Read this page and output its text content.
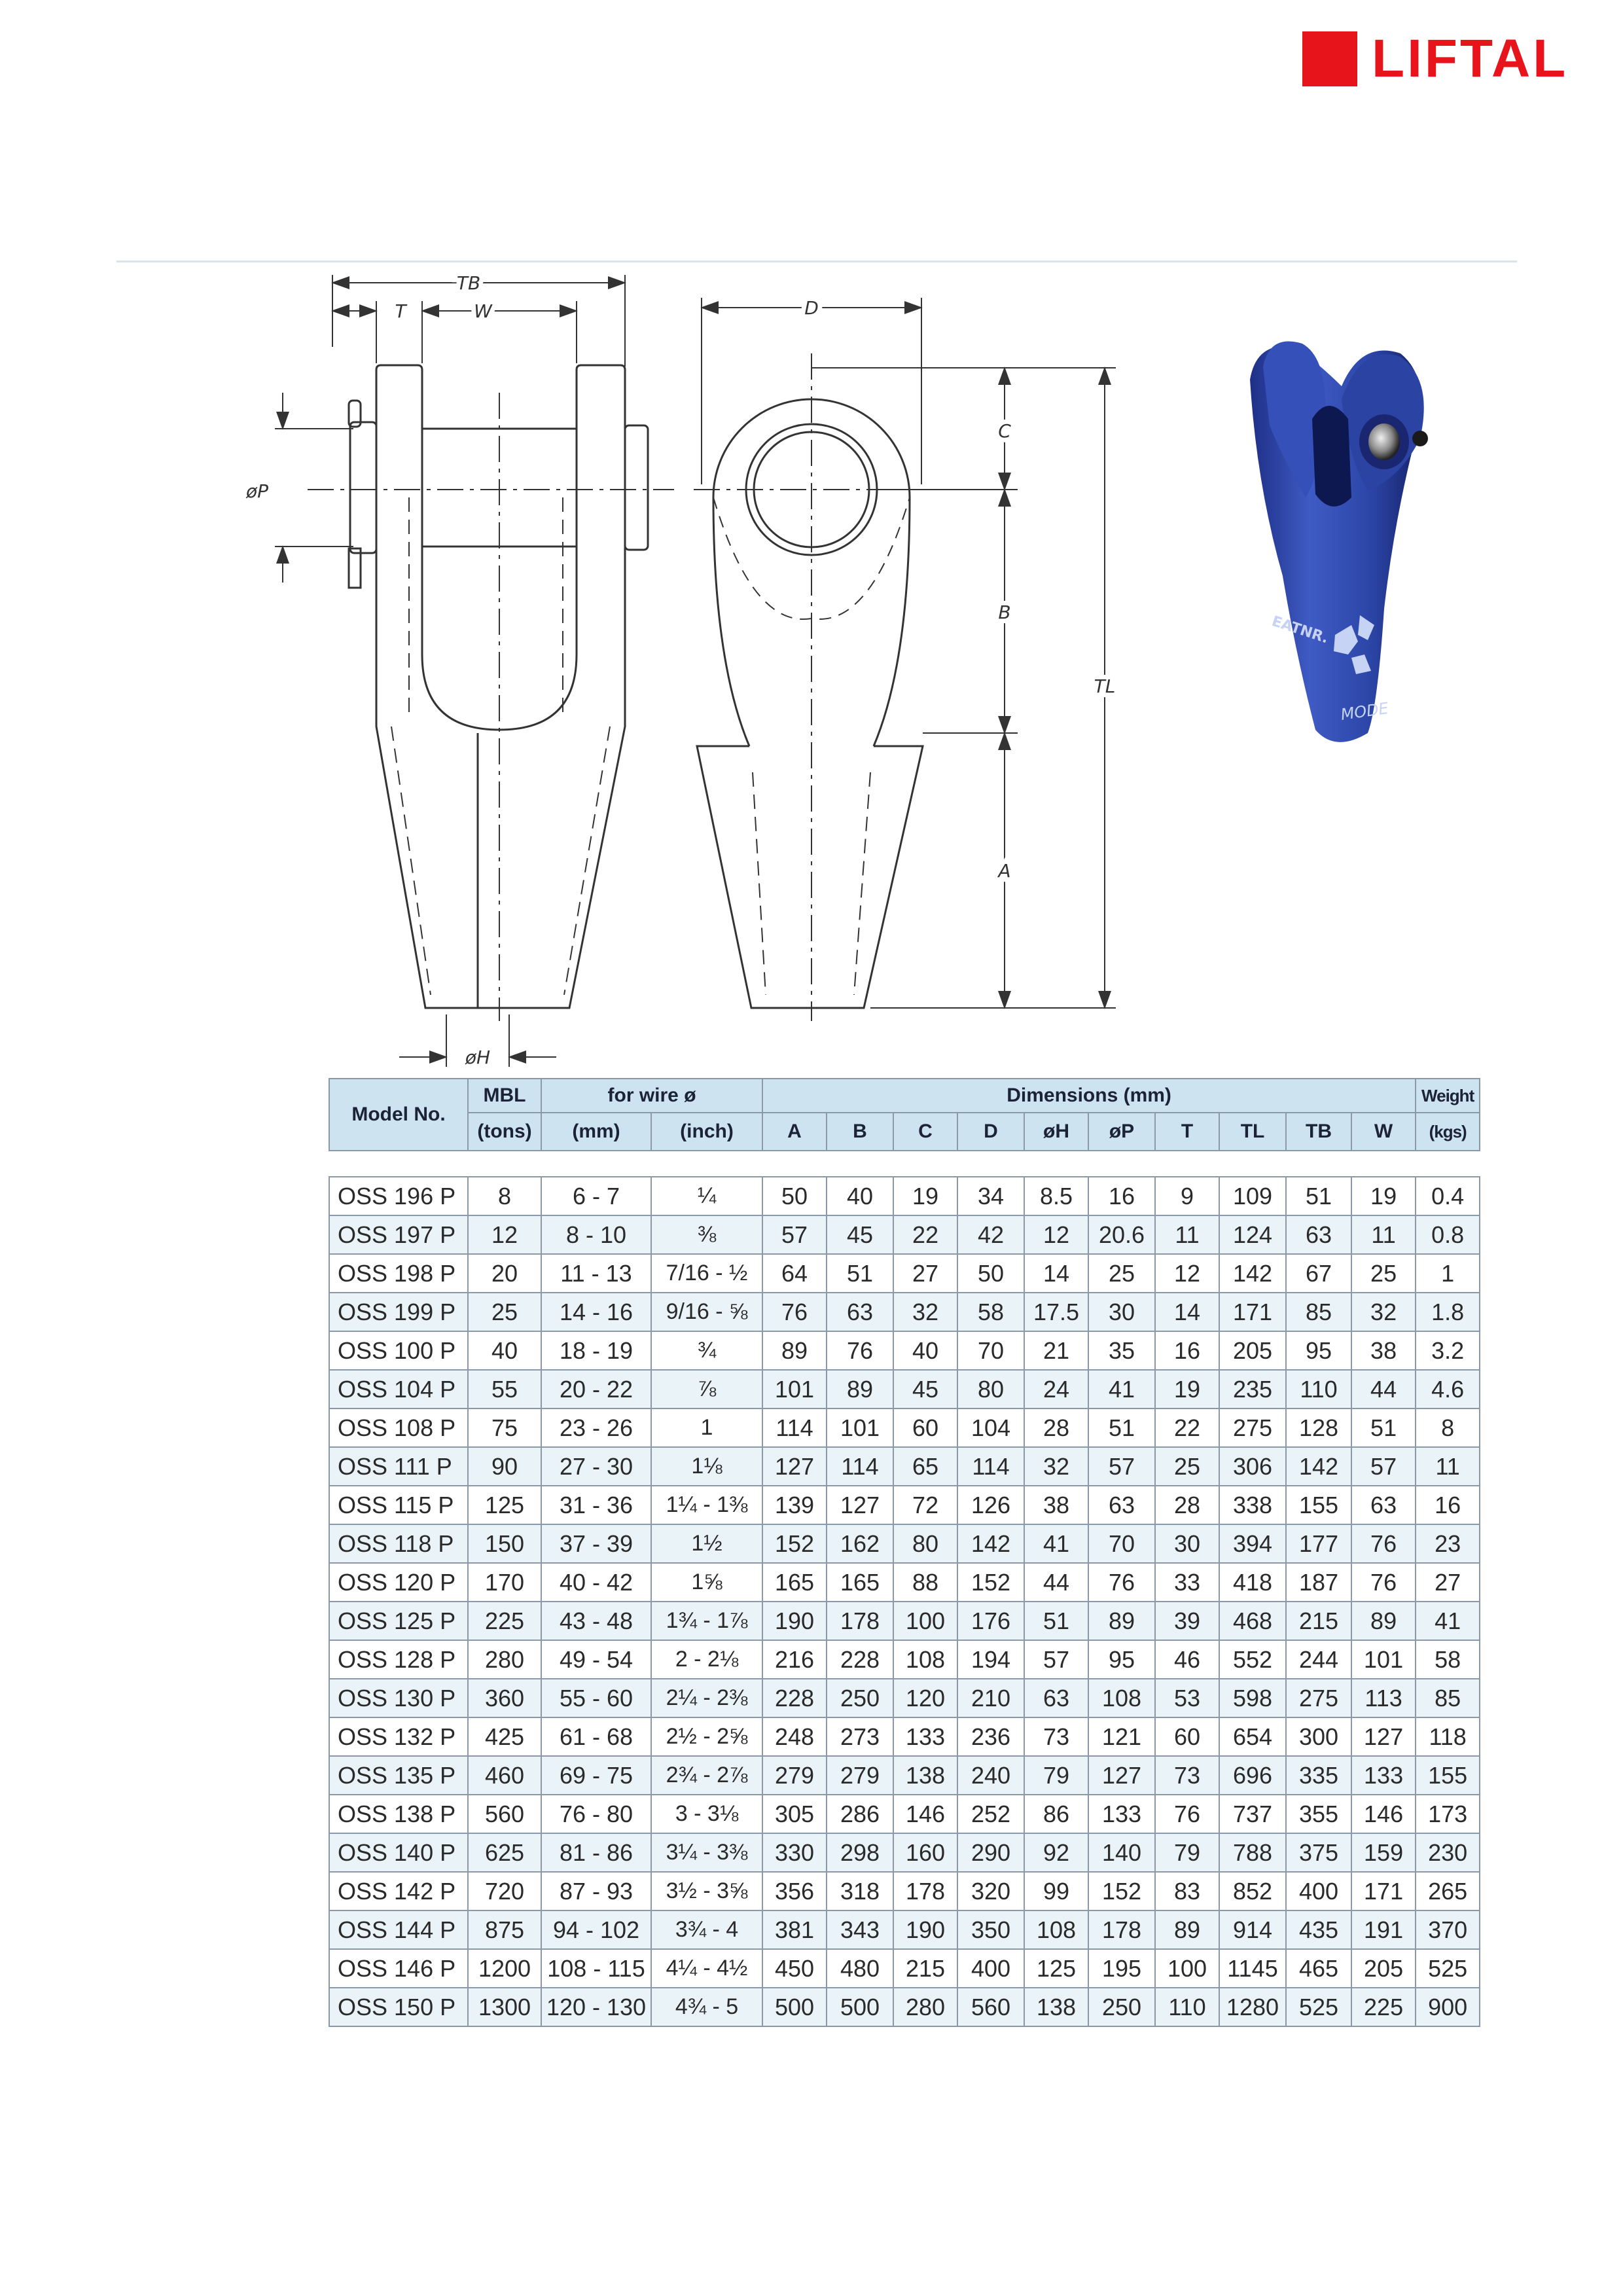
LIFTAL
TB
T	W
øP
øH
D
C
B
A
TL
EATNR.
MODE
Model No.	MBL	for wire ø		Dimensions (mm)										Weight
	(tons)	(mm)	(inch)	A	B	C	D	øH	øP	T	TL	TB	W	(kgs)

OSS 196 P	8	6 - 7	¼	50	40	19	34	8.5	16	9	109	51	19	0.4
OSS 197 P	12	8 - 10	⅜	57	45	22	42	12	20.6	11	124	63	11	0.8
OSS 198 P	20	11 - 13	7/16 - ½	64	51	27	50	14	25	12	142	67	25	1
OSS 199 P	25	14 - 16	9/16 - ⅝	76	63	32	58	17.5	30	14	171	85	32	1.8
OSS 100 P	40	18 - 19	¾	89	76	40	70	21	35	16	205	95	38	3.2
OSS 104 P	55	20 - 22	⅞	101	89	45	80	24	41	19	235	110	44	4.6
OSS 108 P	75	23 - 26	1	114	101	60	104	28	51	22	275	128	51	8
OSS 111 P	90	27 - 30	1⅛	127	114	65	114	32	57	25	306	142	57	11
OSS 115 P	125	31 - 36	1¼ - 1⅜	139	127	72	126	38	63	28	338	155	63	16
OSS 118 P	150	37 - 39	1½	152	162	80	142	41	70	30	394	177	76	23
OSS 120 P	170	40 - 42	1⅝	165	165	88	152	44	76	33	418	187	76	27
OSS 125 P	225	43 - 48	1¾ - 1⅞	190	178	100	176	51	89	39	468	215	89	41
OSS 128 P	280	49 - 54	2 - 2⅛	216	228	108	194	57	95	46	552	244	101	58
OSS 130 P	360	55 - 60	2¼ - 2⅜	228	250	120	210	63	108	53	598	275	113	85
OSS 132 P	425	61 - 68	2½ - 2⅝	248	273	133	236	73	121	60	654	300	127	118
OSS 135 P	460	69 - 75	2¾ - 2⅞	279	279	138	240	79	127	73	696	335	133	155
OSS 138 P	560	76 - 80	3 - 3⅛	305	286	146	252	86	133	76	737	355	146	173
OSS 140 P	625	81 - 86	3¼ - 3⅜	330	298	160	290	92	140	79	788	375	159	230
OSS 142 P	720	87 - 93	3½ - 3⅝	356	318	178	320	99	152	83	852	400	171	265
OSS 144 P	875	94 - 102	3¾ - 4	381	343	190	350	108	178	89	914	435	191	370
OSS 146 P	1200	108 - 115	4¼ - 4½	450	480	215	400	125	195	100	1145	465	205	525
OSS 150 P	1300	120 - 130	4¾ - 5	500	500	280	560	138	250	110	1280	525	225	900
